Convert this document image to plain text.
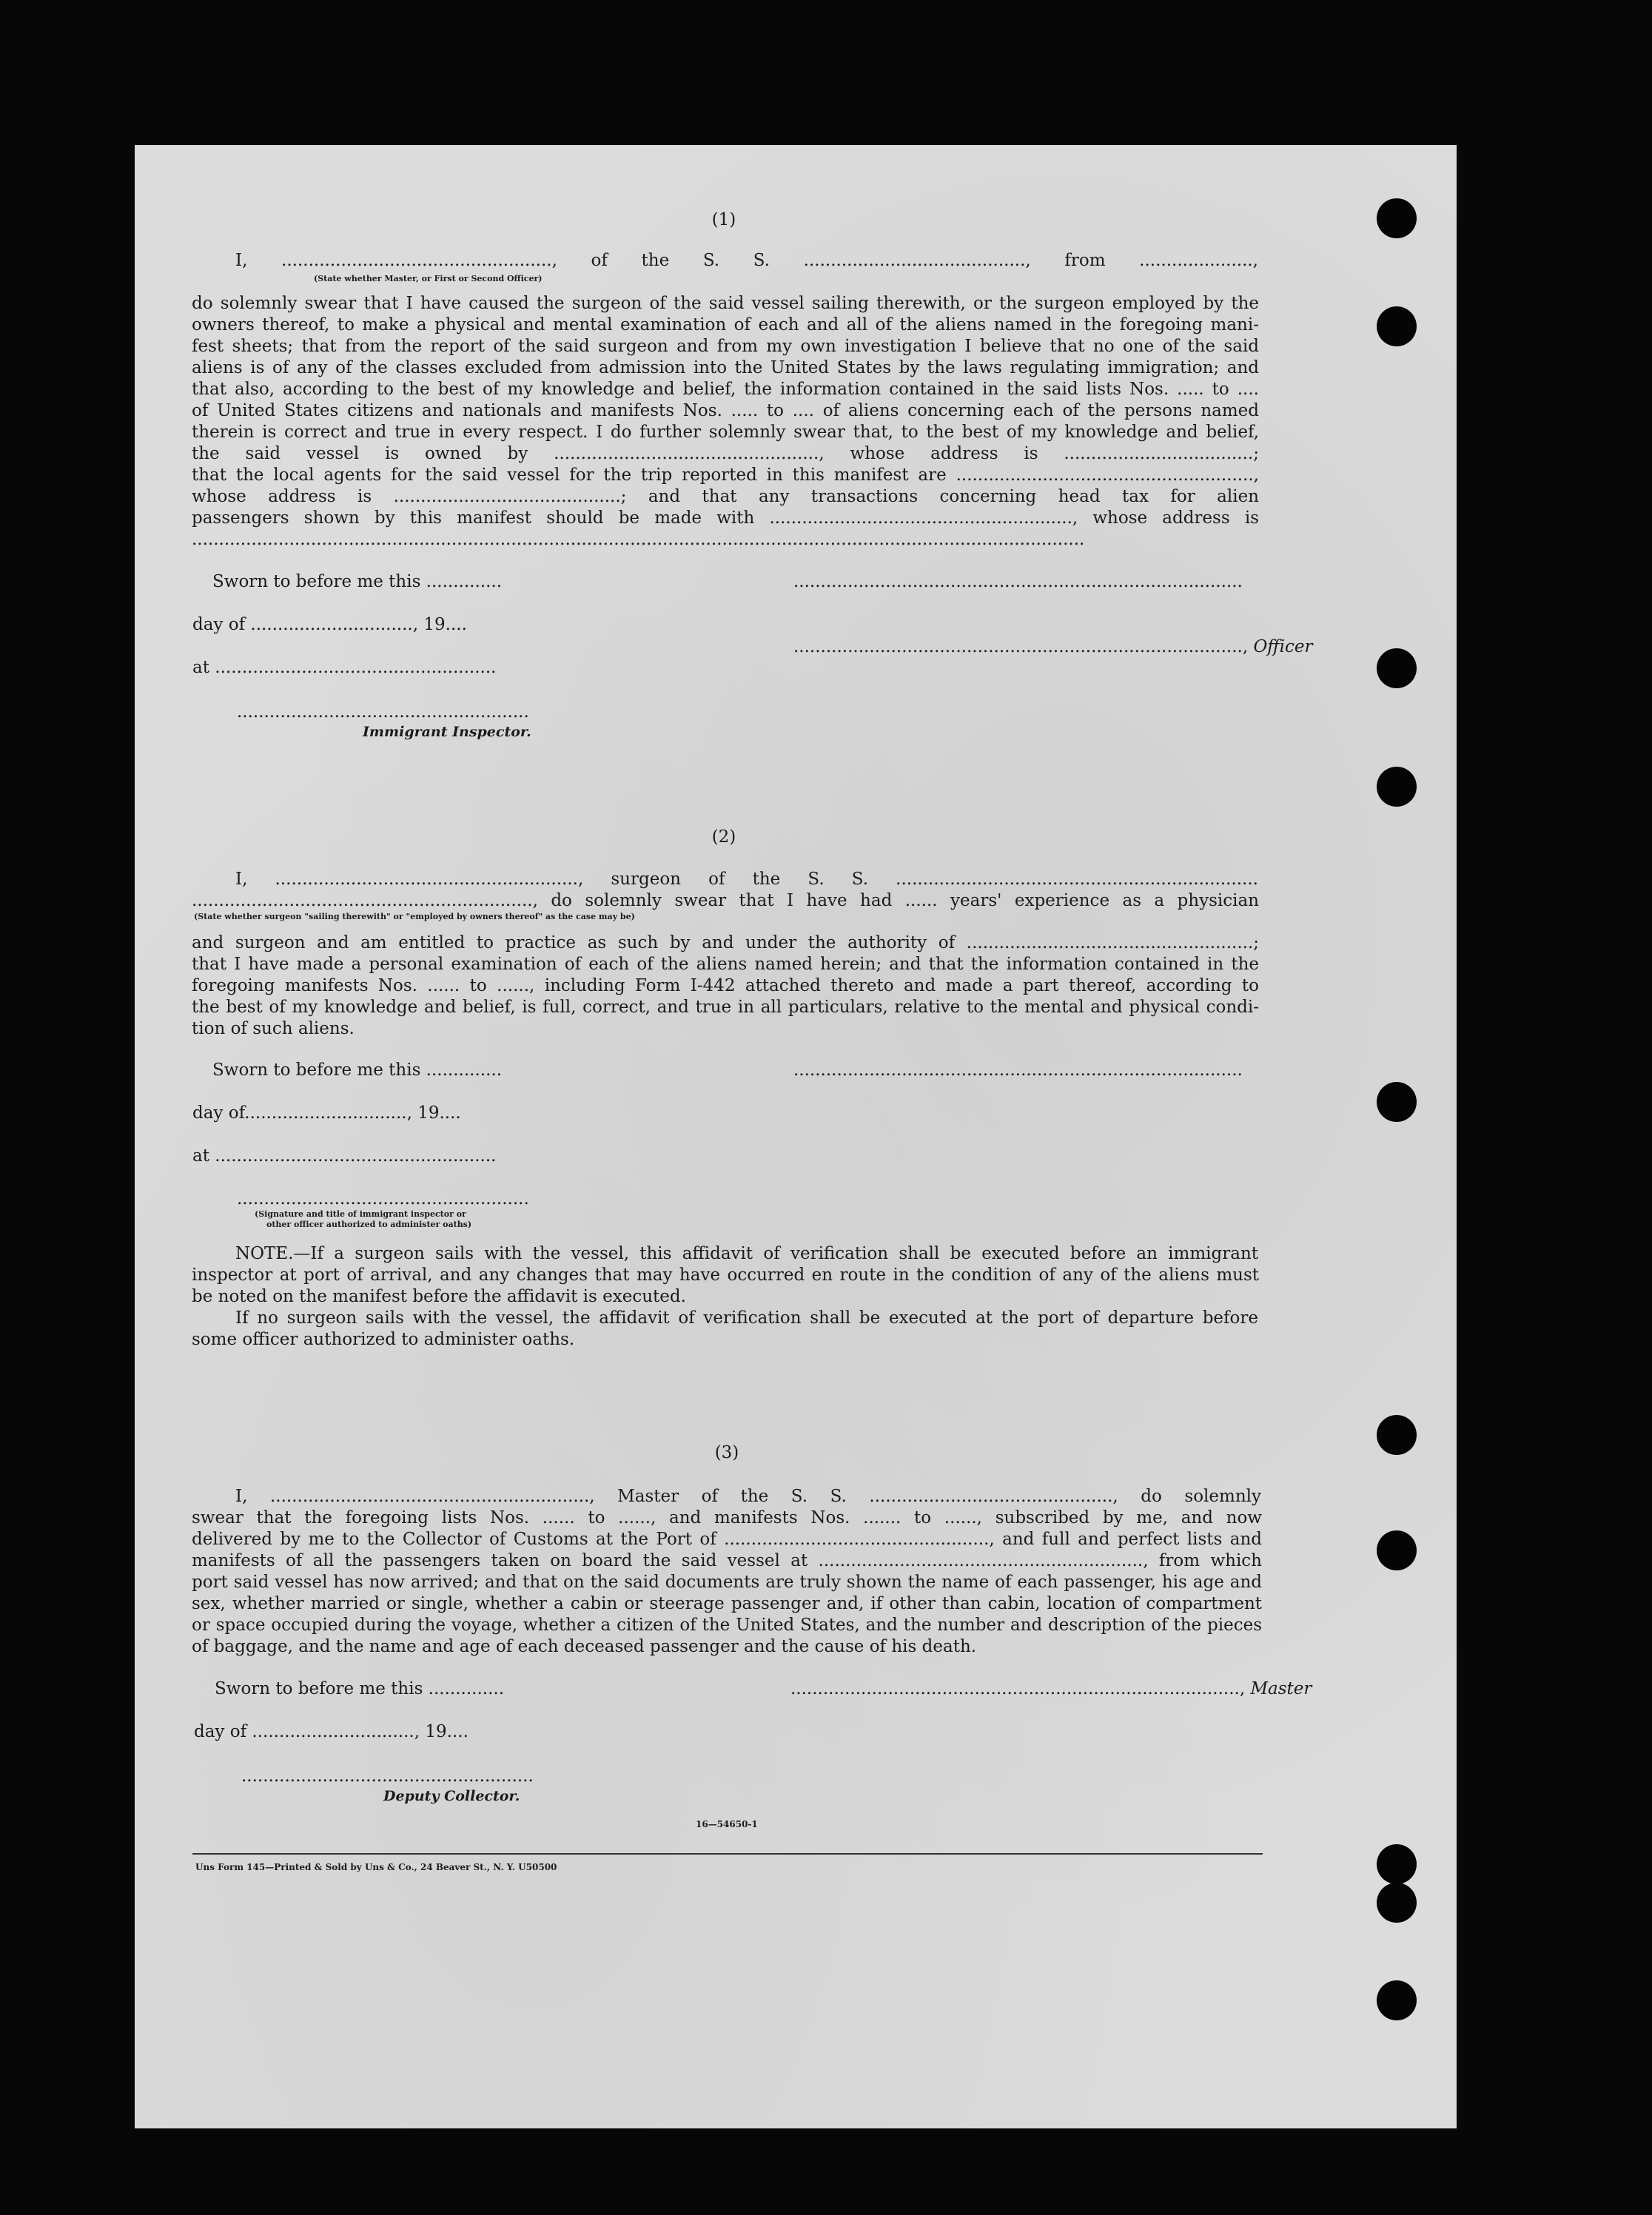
(1)
I, .................................................., of the S. S. ........................................., from .....................,
(State whether Master, or First or Second Officer)
do solemnly swear that I have caused the surgeon of the said vessel sailing therewith, or the surgeon employed by the
owners thereof, to make a physical and mental examination of each and all of the aliens named in the foregoing mani-
fest sheets; that from the report of the said surgeon and from my own investigation I believe that no one of the said
aliens is of any of the classes excluded from admission into the United States by the laws regulating immigration; and
that also, according to the best of my knowledge and belief, the information contained in the said lists Nos. ..... to ....
of United States citizens and nationals and manifests Nos. ..... to .... of aliens concerning each of the persons named
therein is correct and true in every respect. I do further solemnly swear that, to the best of my knowledge and belief,
the said vessel is owned by ................................................., whose address is ...................................;
that the local agents for the said vessel for the trip reported in this manifest are .......................................................,
whose address is ..........................................; and that any transactions concerning head tax for alien
passengers shown by this manifest should be made with ........................................................, whose address is
.....................................................................................................................................................................
Sworn to before me this ..............	...................................................................................
day of .............................., 19....
..................................................................................., Officer
at ....................................................
......................................................
Immigrant Inspector.
(2)
I, ........................................................, surgeon of the S. S. ...................................................................
..............................................................., do solemnly swear that I have had ...... years' experience as a physician
(State whether surgeon "sailing therewith" or "employed by owners thereof" as the case may be)
and surgeon and am entitled to practice as such by and under the authority of .....................................................;
that I have made a personal examination of each of the aliens named herein; and that the information contained in the
foregoing manifests Nos. ...... to ......, including Form I-442 attached thereto and made a part thereof, according to
the best of my knowledge and belief, is full, correct, and true in all particulars, relative to the mental and physical condi-
tion of such aliens.
Sworn to before me this ..............	...................................................................................
day of.............................., 19....
at ....................................................
......................................................
(Signature and title of immigrant inspector or
other officer authorized to administer oaths)
NOTE.—If a surgeon sails with the vessel, this affidavit of verification shall be executed before an immigrant
inspector at port of arrival, and any changes that may have occurred en route in the condition of any of the aliens must
be noted on the manifest before the affidavit is executed.
If no surgeon sails with the vessel, the affidavit of verification shall be executed at the port of departure before
some officer authorized to administer oaths.
(3)
I, ..........................................................., Master of the S. S. ............................................., do solemnly
swear that the foregoing lists Nos. ...... to ......, and manifests Nos. ....... to ......, subscribed by me, and now
delivered by me to the Collector of Customs at the Port of ................................................., and full and perfect lists and
manifests of all the passengers taken on board the said vessel at ............................................................, from which
port said vessel has now arrived; and that on the said documents are truly shown the name of each passenger, his age and
sex, whether married or single, whether a cabin or steerage passenger and, if other than cabin, location of compartment
or space occupied during the voyage, whether a citizen of the United States, and the number and description of the pieces
of baggage, and the name and age of each deceased passenger and the cause of his death.
Sworn to before me this ..............	..................................................................................., Master
day of .............................., 19....
......................................................
Deputy Collector.
16—54650-1
Uns Form 145—Printed & Sold by Uns & Co., 24 Beaver St., N. Y. U50500
